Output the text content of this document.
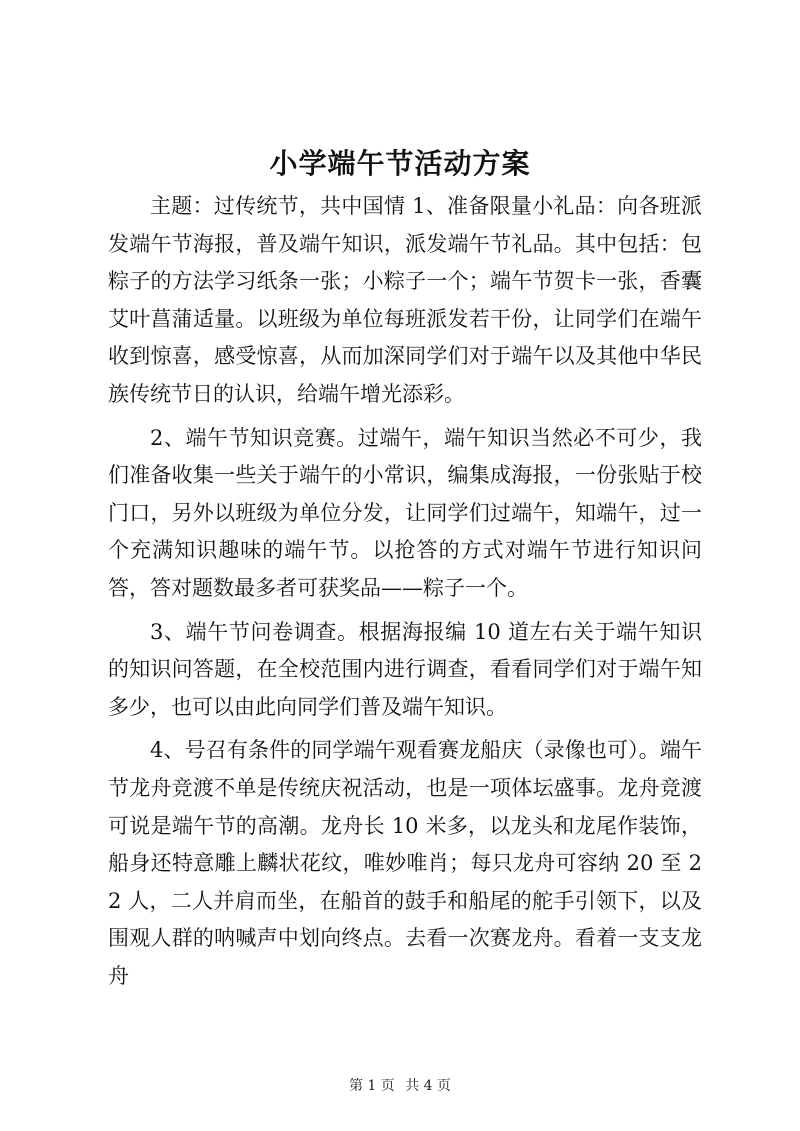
小学端午节活动方案

主题：过传统节，共中国情 1、准备限量小礼品：向各班派发端午节海报，普及端午知识，派发端午节礼品。其中包括：包粽子的方法学习纸条一张；小粽子一个；端午节贺卡一张，香囊艾叶菖蒲适量。以班级为单位每班派发若干份，让同学们在端午收到惊喜，感受惊喜，从而加深同学们对于端午以及其他中华民族传统节日的认识，给端午增光添彩。

2、端午节知识竞赛。过端午，端午知识当然必不可少，我们准备收集一些关于端午的小常识，编集成海报，一份张贴于校门口，另外以班级为单位分发，让同学们过端午，知端午，过一个充满知识趣味的端午节。以抢答的方式对端午节进行知识问答，答对题数最多者可获奖品——粽子一个。

3、端午节问卷调查。根据海报编 10 道左右关于端午知识的知识问答题，在全校范围内进行调查，看看同学们对于端午知多少，也可以由此向同学们普及端午知识。

4、号召有条件的同学端午观看赛龙船庆（录像也可）。端午节龙舟竞渡不单是传统庆祝活动，也是一项体坛盛事。龙舟竞渡可说是端午节的高潮。龙舟长 10 米多，以龙头和龙尾作装饰，船身还特意雕上麟状花纹，唯妙唯肖；每只龙舟可容纳 20 至 22 人，二人并肩而坐，在船首的鼓手和船尾的舵手引领下，以及围观人群的呐喊声中划向终点。去看一次赛龙舟。看着一支支龙舟

第 1 页 共 4 页
